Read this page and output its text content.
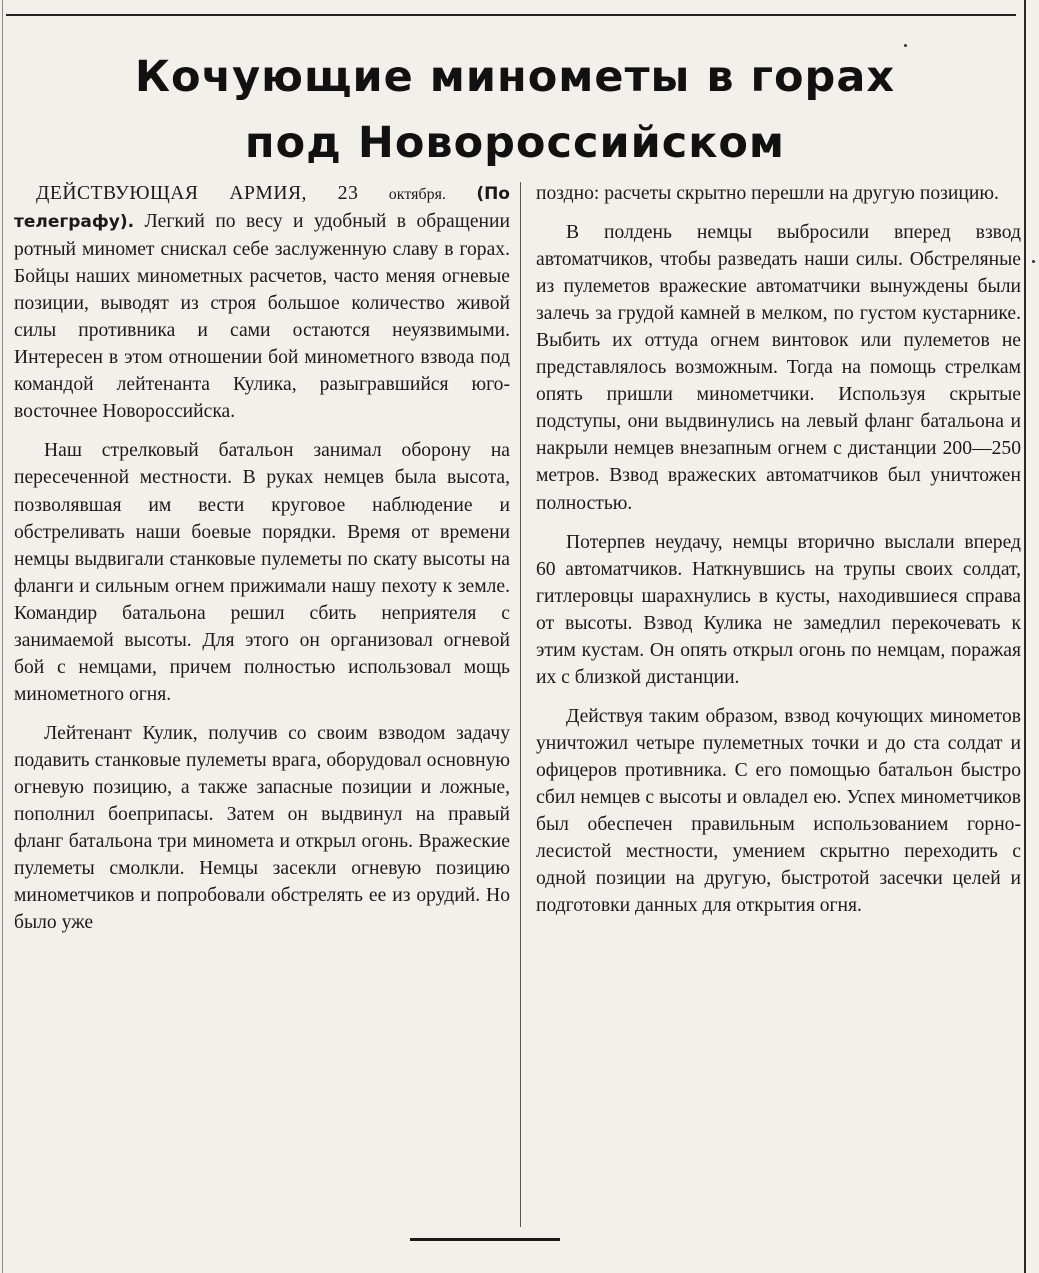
Кочующие минометы в горах
под Новороссийском

ДЕЙСТВУЮЩАЯ АРМИЯ, 23 октября. (По телеграфу). Легкий по весу и удобный в обращении ротный миномет снискал себе заслуженную славу в горах. Бойцы наших минометных расчетов, часто меняя огневые позиции, выводят из строя большое количество живой силы противника и сами остаются неуязвимыми. Интересен в этом отношении бой минометного взвода под командой лейтенанта Кулика, разыгравшийся юго-восточнее Новороссийска.

Наш стрелковый батальон занимал оборону на пересеченной местности. В руках немцев была высота, позволявшая им вести круговое наблюдение и обстреливать наши боевые порядки. Время от времени немцы выдвигали станковые пулеметы по скату высоты на фланги и сильным огнем прижимали нашу пехоту к земле. Командир батальона решил сбить неприятеля с занимаемой высоты. Для этого он организовал огневой бой с немцами, причем полностью использовал мощь минометного огня.

Лейтенант Кулик, получив со своим взводом задачу подавить станковые пулеметы врага, оборудовал основную огневую позицию, а также запасные позиции и ложные, пополнил боеприпасы. Затем он выдвинул на правый фланг батальона три миномета и открыл огонь. Вражеские пулеметы смолкли. Немцы засекли огневую позицию минометчиков и попробовали обстрелять ее из орудий. Но было уже

поздно: расчеты скрытно перешли на другую позицию.

В полдень немцы выбросили вперед взвод автоматчиков, чтобы разведать наши силы. Обстреляные из пулеметов вражеские автоматчики вынуждены были залечь за грудой камней в мелком, по густом кустарнике. Выбить их оттуда огнем винтовок или пулеметов не представлялось возможным. Тогда на помощь стрелкам опять пришли минометчики. Используя скрытые подступы, они выдвинулись на левый фланг батальона и накрыли немцев внезапным огнем с дистанции 200—250 метров. Взвод вражеских автоматчиков был уничтожен полностью.

Потерпев неудачу, немцы вторично выслали вперед 60 автоматчиков. Наткнувшись на трупы своих солдат, гитлеровцы шарахнулись в кусты, находившиеся справа от высоты. Взвод Кулика не замедлил перекочевать к этим кустам. Он опять открыл огонь по немцам, поражая их с близкой дистанции.

Действуя таким образом, взвод кочующих минометов уничтожил четыре пулеметных точки и до ста солдат и офицеров противника. С его помощью батальон быстро сбил немцев с высоты и овладел ею. Успех минометчиков был обеспечен правильным использованием горно-лесистой местности, умением скрытно переходить с одной позиции на другую, быстротой засечки целей и подготовки данных для открытия огня.
